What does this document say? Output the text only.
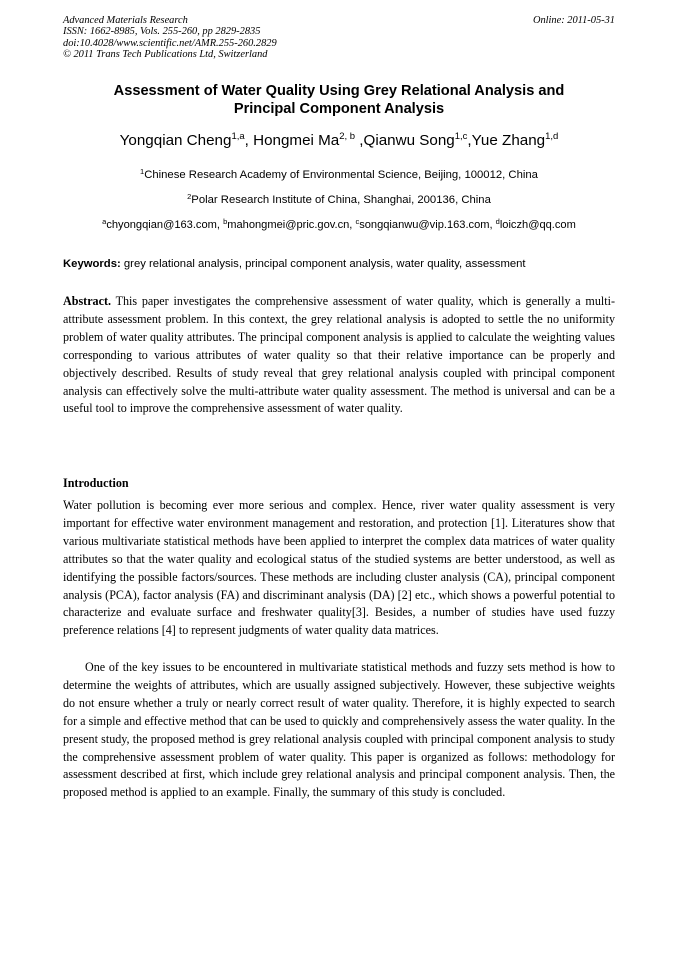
Advanced Materials Research
ISSN: 1662-8985, Vols. 255-260, pp 2829-2835
doi:10.4028/www.scientific.net/AMR.255-260.2829
© 2011 Trans Tech Publications Ltd, Switzerland
Online: 2011-05-31
Assessment of Water Quality Using Grey Relational Analysis and
Principal Component Analysis
Yongqian Cheng$^{1,a}$, Hongmei Ma$^{2, b}$ ,Qianwu Song$^{1,c}$,Yue Zhang$^{1,d}$
$^1$Chinese Research Academy of Environmental Science, Beijing, 100012, China
$^2$Polar Research Institute of China, Shanghai, 200136, China
$^a$chyongqian@163.com, $^b$mahongmei@pric.gov.cn, $^c$songqianwu@vip.163.com, $^d$loiczh@qq.com
Keywords: grey relational analysis, principal component analysis, water quality, assessment

Abstract. This paper investigates the comprehensive assessment of water quality, which is generally a multi-attribute assessment problem. In this context, the grey relational analysis is adopted to settle the no uniformity problem of water quality attributes. The principal component analysis is applied to calculate the weighting values corresponding to various attributes of water quality so that their relative importance can be properly and objectively described. Results of study reveal that grey relational analysis coupled with principal component analysis can effectively solve the multi-attribute water quality assessment. The method is universal and can be a useful tool to improve the comprehensive assessment of water quality.

Introduction

Water pollution is becoming ever more serious and complex. Hence, river water quality assessment is very important for effective water environment management and restoration, and protection [1]. Literatures show that various multivariate statistical methods have been applied to interpret the complex data matrices of water quality attributes so that the water quality and ecological status of the studied systems are better understood, as well as identifying the possible factors/sources. These methods are including cluster analysis (CA), principal component analysis (PCA), factor analysis (FA) and discriminant analysis (DA) [2] etc., which shows a powerful potential to characterize and evaluate surface and freshwater quality[3]. Besides, a number of studies have used fuzzy preference relations [4] to represent judgments of water quality data matrices.

One of the key issues to be encountered in multivariate statistical methods and fuzzy sets method is how to determine the weights of attributes, which are usually assigned subjectively. However, these subjective weights do not ensure whether a truly or nearly correct result of water quality. Therefore, it is highly expected to search for a simple and effective method that can be used to quickly and comprehensively assess the water quality. In the present study, the proposed method is grey relational analysis coupled with principal component analysis to study the comprehensive assessment problem of water quality. This paper is organized as follows: methodology for assessment described at first, which include grey relational analysis and principal component analysis. Then, the proposed method is applied to an example. Finally, the summary of this study is concluded.
